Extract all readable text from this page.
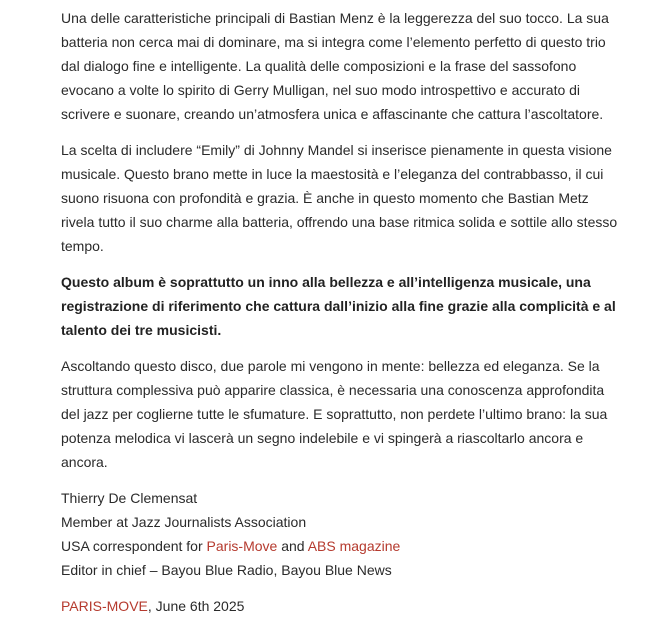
Una delle caratteristiche principali di Bastian Menz è la leggerezza del suo tocco. La sua batteria non cerca mai di dominare, ma si integra come l’elemento perfetto di questo trio dal dialogo fine e intelligente. La qualità delle composizioni e la frase del sassofono evocano a volte lo spirito di Gerry Mulligan, nel suo modo introspettivo e accurato di scrivere e suonare, creando un’atmosfera unica e affascinante che cattura l’ascoltatore.

La scelta di includere “Emily” di Johnny Mandel si inserisce pienamente in questa visione musicale. Questo brano mette in luce la maestosità e l’eleganza del contrabbasso, il cui suono risuona con profondità e grazia. È anche in questo momento che Bastian Metz rivela tutto il suo charme alla batteria, offrendo una base ritmica solida e sottile allo stesso tempo.

Questo album è soprattutto un inno alla bellezza e all’intelligenza musicale, una registrazione di riferimento che cattura dall’inizio alla fine grazie alla complicità e al talento dei tre musicisti.

Ascoltando questo disco, due parole mi vengono in mente: bellezza ed eleganza. Se la struttura complessiva può apparire classica, è necessaria una conoscenza approfondita del jazz per coglierne tutte le sfumature. E soprattutto, non perdete l’ultimo brano: la sua potenza melodica vi lascerà un segno indelebile e vi spingerà a riascoltarlo ancora e ancora.

Thierry De Clemensat
Member at Jazz Journalists Association
USA correspondent for Paris-Move and ABS magazine
Editor in chief – Bayou Blue Radio, Bayou Blue News

PARIS-MOVE, June 6th 2025
